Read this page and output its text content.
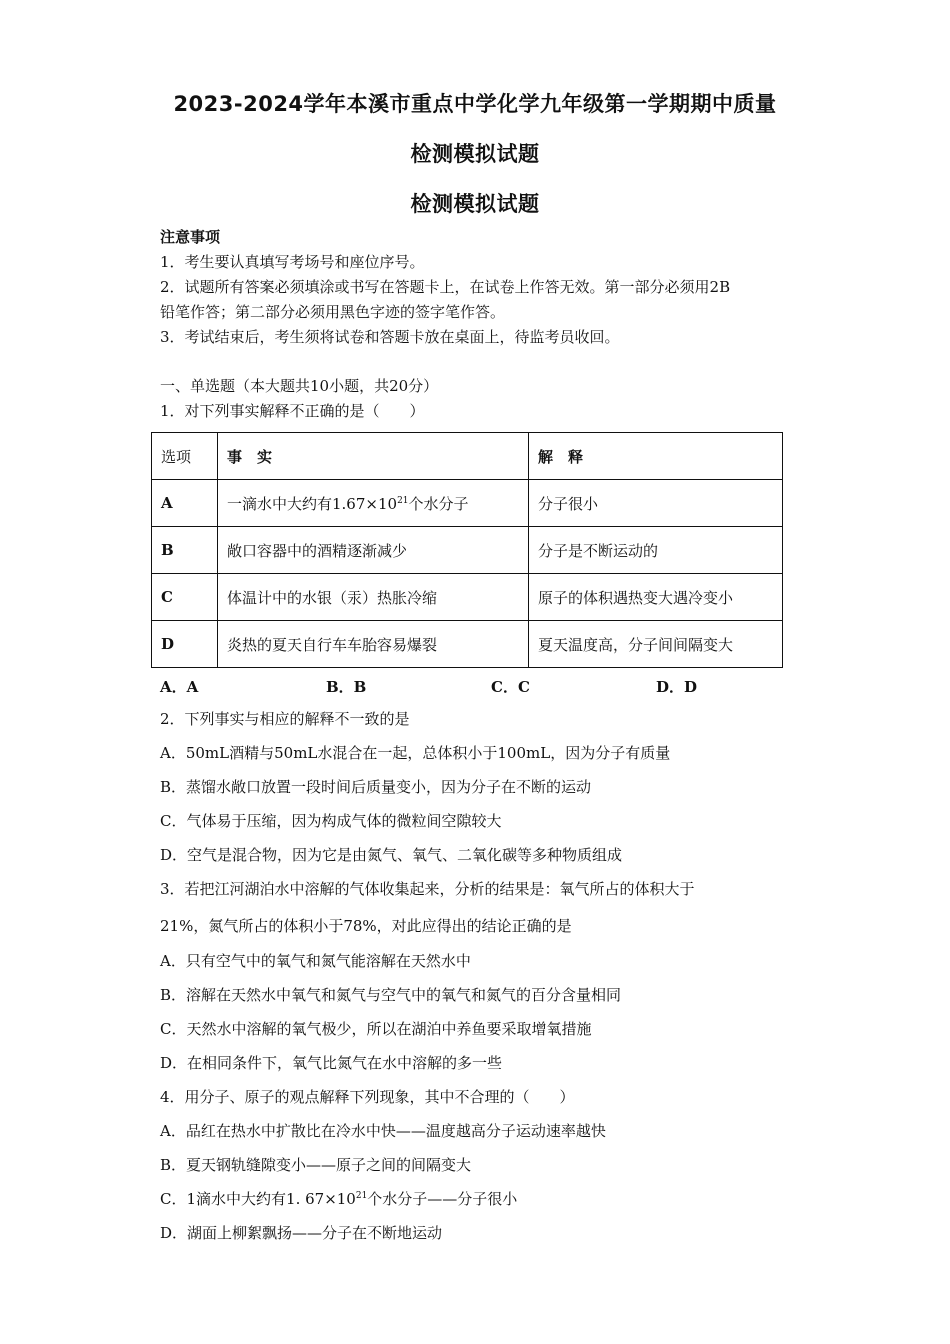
2023-2024学年本溪市重点中学化学九年级第一学期期中质量
检测模拟试题
检测模拟试题
注意事项
1．考生要认真填写考场号和座位序号。
2．试题所有答案必须填涂或书写在答题卡上，在试卷上作答无效。第一部分必须用2B
铅笔作答；第二部分必须用黑色字迹的签字笔作答。
3．考试结束后，考生须将试卷和答题卡放在桌面上，待监考员收回。
一、单选题（本大题共10小题，共20分）
1．对下列事实解释不正确的是（　　）
选项	事　实	解　释
A	一滴水中大约有$1.67\times 10^{21}$个水分子	分子很小
B	敞口容器中的酒精逐渐减少	分子是不断运动的
C	体温计中的水银（汞）热胀冷缩	原子的体积遇热变大遇冷变小
D	炎热的夏天自行车车胎容易爆裂	夏天温度高，分子间间隔变大
A．A	B．B	C．C	D．D
2．下列事实与相应的解释不一致的是
A．50mL酒精与50mL水混合在一起，总体积小于100mL，因为分子有质量
B．蒸馏水敞口放置一段时间后质量变小，因为分子在不断的运动
C．气体易于压缩，因为构成气体的微粒间空隙较大
D．空气是混合物，因为它是由氮气、氧气、二氧化碳等多种物质组成
3．若把江河湖泊水中溶解的气体收集起来，分析的结果是：氧气所占的体积大于
21%，氮气所占的体积小于78%，对此应得出的结论正确的是
A．只有空气中的氧气和氮气能溶解在天然水中
B．溶解在天然水中氧气和氮气与空气中的氧气和氮气的百分含量相同
C．天然水中溶解的氧气极少，所以在湖泊中养鱼要采取增氧措施
D．在相同条件下，氧气比氮气在水中溶解的多一些
4．用分子、原子的观点解释下列现象，其中不合理的（　　）
A．品红在热水中扩散比在冷水中快——温度越高分子运动速率越快
B．夏天钢轨缝隙变小——原子之间的间隔变大
C．1滴水中大约有1. $67\times 10^{21}$个水分子——分子很小
D．湖面上柳絮飘扬——分子在不断地运动
